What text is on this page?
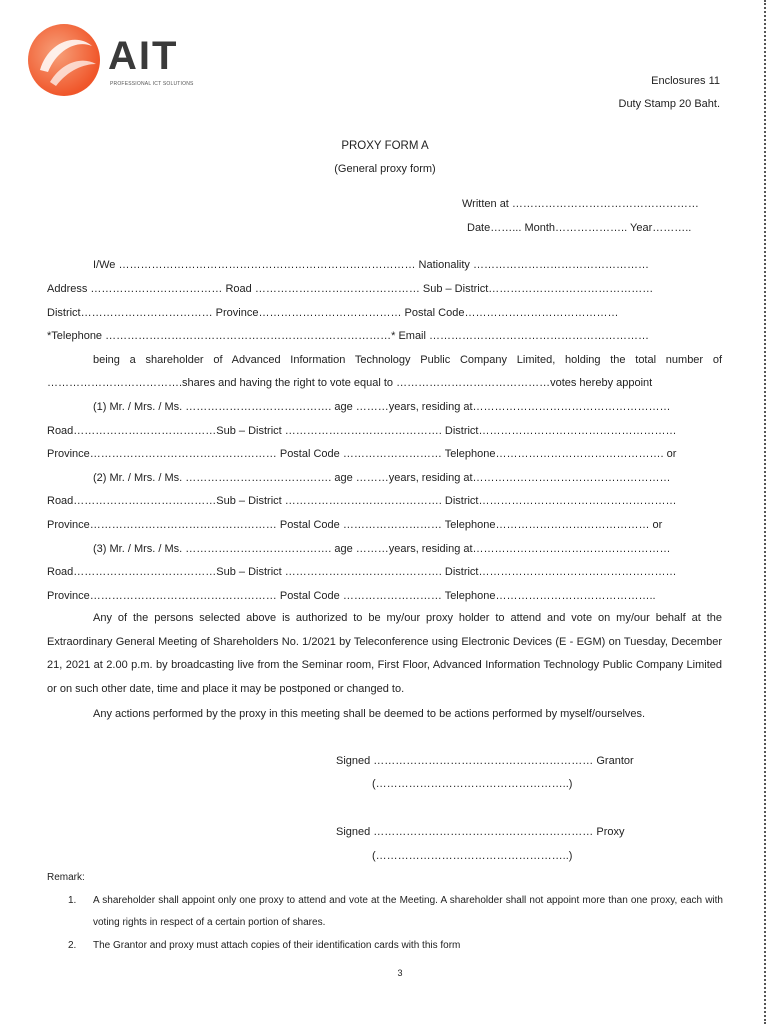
AIT
PROFESSIONAL ICT SOLUTIONS	Enclosures 11
Duty Stamp 20 Baht.
PROXY FORM A
(General proxy form)
Written at ……………………………………………
Date……... Month……………….. Year………..
I/We ……………………………………………………………………… Nationality …………………………………………
Address ……………………………… Road ……………………………………… Sub – District………………………………………
District……………………………… Province………………………………… Postal Code……………………………………
*Telephone ……………………………………………………………………* Email ……………………………………………………
being a shareholder of Advanced Information Technology Public Company Limited, holding the total number of
……………………………….shares and having the right to vote equal to ……………………………………votes hereby appoint
(1) Mr. / Mrs. / Ms. …………………………………. age ………years, residing at………………………………………………
Road…………………………………Sub – District ……………………………………. District………………………………………………
Province…………………………………………… Postal Code ……………………… Telephone………………………………………. or
(2) Mr. / Mrs. / Ms. …………………………………. age ………years, residing at………………………………………………
Road…………………………………Sub – District ……………………………………. District………………………………………………
Province…………………………………………… Postal Code ……………………… Telephone…………………………………… or
(3) Mr. / Mrs. / Ms. …………………………………. age ………years, residing at………………………………………………
Road…………………………………Sub – District ……………………………………. District………………………………………………
Province…………………………………………… Postal Code ……………………… Telephone……………………………………..
Any of the persons selected above is authorized to be my/our proxy holder to attend and vote on my/our behalf at the Extraordinary General Meeting of Shareholders No. 1/2021 by Teleconference using Electronic Devices (E - EGM) on Tuesday, December 21, 2021 at 2.00 p.m. by broadcasting live from the Seminar room, First Floor, Advanced Information Technology Public Company Limited or on such other date, time and place it may be postponed or changed to.
Any actions performed by the proxy in this meeting shall be deemed to be actions performed by myself/ourselves.
Signed …………………………………………………… Grantor
(……………………………………………..)
Signed …………………………………………………… Proxy
(……………………………………………..)
Remark:
1.	A shareholder shall appoint only one proxy to attend and vote at the Meeting. A shareholder shall not appoint more than one proxy, each with voting rights in respect of a certain portion of shares.
2.	The Grantor and proxy must attach copies of their identification cards with this form
3
